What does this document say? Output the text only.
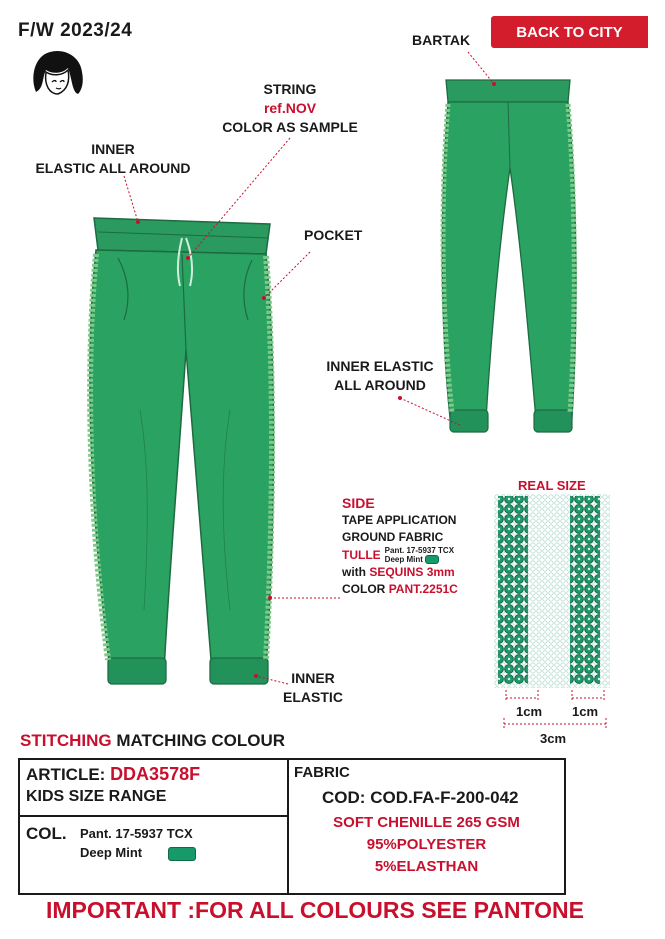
F/W 2023/24	BACK TO CITY
BARTAK
STRING
ref.NOV
COLOR AS SAMPLE
INNER
ELASTIC ALL AROUND
POCKET
INNER ELASTIC
ALL AROUND
INNER
ELASTIC
SIDE
TAPE APPLICATION
GROUND FABRIC
TULLE Pant. 17-5937 TCX
Deep Mint
with SEQUINS 3mm
COLOR PANT.2251C
REAL SIZE
1cm 1cm
3cm
STITCHING MATCHING COLOUR
ARTICLE: DDA3578F
KIDS SIZE RANGE
COL. Pant. 17-5937 TCX
Deep Mint
FABRIC
COD: COD.FA-F-200-042
SOFT CHENILLE 265 GSM
95%POLYESTER
5%ELASTHAN
IMPORTANT :FOR ALL COLOURS SEE PANTONE
